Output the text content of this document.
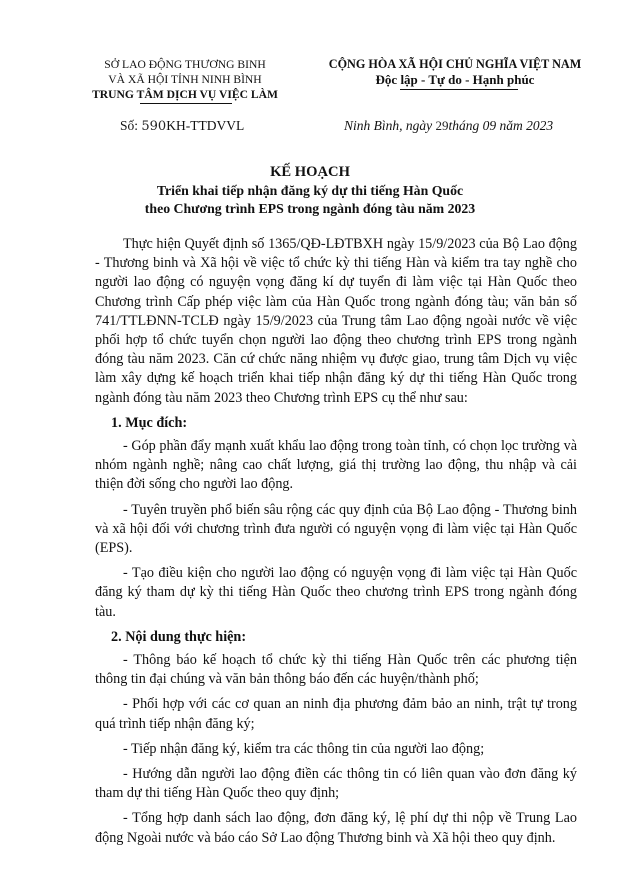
SỞ LAO ĐỘNG THƯƠNG BINH
VÀ XÃ HỘI TỈNH NINH BÌNH
TRUNG TÂM DỊCH VỤ VIỆC LÀM
CỘNG HÒA XÃ HỘI CHỦ NGHĨA VIỆT NAM
Độc lập - Tự do - Hạnh phúc
Số: 590KH-TTDVVL	Ninh Bình, ngày 29tháng 09 năm 2023
KẾ HOẠCH
Triển khai tiếp nhận đăng ký dự thi tiếng Hàn Quốc
theo Chương trình EPS trong ngành đóng tàu năm 2023

Thực hiện Quyết định số 1365/QĐ-LĐTBXH ngày 15/9/2023 của Bộ Lao động - Thương binh và Xã hội về việc tổ chức kỳ thi tiếng Hàn và kiểm tra tay nghề cho người lao động có nguyện vọng đăng kí dự tuyển đi làm việc tại Hàn Quốc theo Chương trình Cấp phép việc làm của Hàn Quốc trong ngành đóng tàu; văn bản số 741/TTLĐNN-TCLĐ ngày 15/9/2023 của Trung tâm Lao động ngoài nước về việc phối hợp tổ chức tuyển chọn người lao động theo chương trình EPS trong ngành đóng tàu năm 2023. Căn cứ chức năng nhiệm vụ được giao, trung tâm Dịch vụ việc làm xây dựng kế hoạch triển khai tiếp nhận đăng ký dự thi tiếng Hàn Quốc trong ngành đóng tàu năm 2023 theo Chương trình EPS cụ thể như sau:

1. Mục đích:

- Góp phần đẩy mạnh xuất khẩu lao động trong toàn tỉnh, có chọn lọc trường và nhóm ngành nghề; nâng cao chất lượng, giá thị trường lao động, thu nhập và cải thiện đời sống cho người lao động.

- Tuyên truyền phổ biến sâu rộng các quy định của Bộ Lao động - Thương binh và xã hội đối với chương trình đưa người có nguyện vọng đi làm việc tại Hàn Quốc (EPS).

- Tạo điều kiện cho người lao động có nguyện vọng đi làm việc tại Hàn Quốc đăng ký tham dự kỳ thi tiếng Hàn Quốc theo chương trình EPS trong ngành đóng tàu.

2. Nội dung thực hiện:

- Thông báo kế hoạch tổ chức kỳ thi tiếng Hàn Quốc trên các phương tiện thông tin đại chúng và văn bản thông báo đến các huyện/thành phố;

- Phối hợp với các cơ quan an ninh địa phương đảm bảo an ninh, trật tự trong quá trình tiếp nhận đăng ký;

- Tiếp nhận đăng ký, kiểm tra các thông tin của người lao động;

- Hướng dẫn người lao động điền các thông tin có liên quan vào đơn đăng ký tham dự thi tiếng Hàn Quốc theo quy định;

- Tổng hợp danh sách lao động, đơn đăng ký, lệ phí dự thi nộp về Trung Lao động Ngoài nước và báo cáo Sở Lao động Thương binh và Xã hội theo quy định.
